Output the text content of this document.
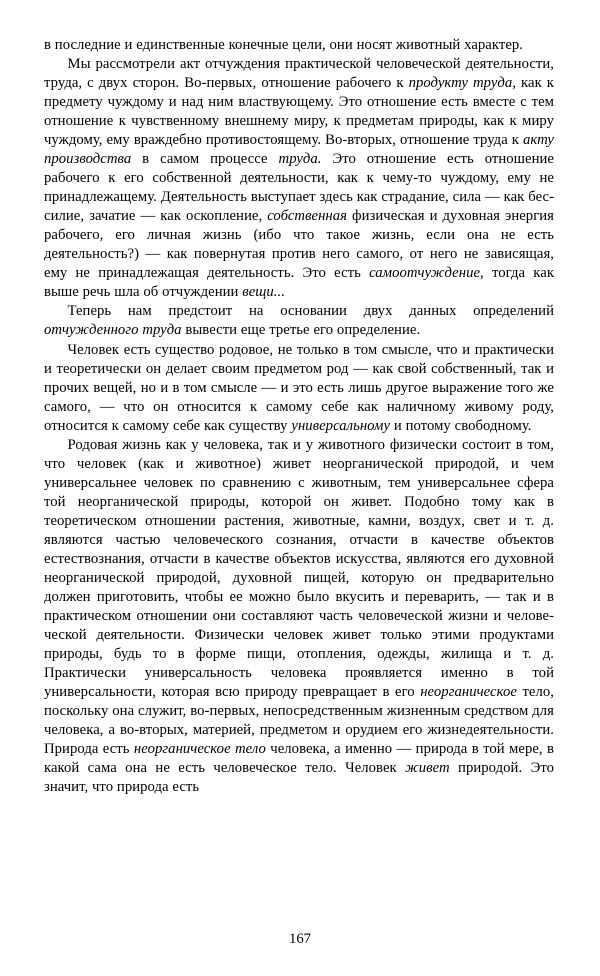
в последние и единственные конечные цели, они носят животный характер.

Мы рассмотрели акт отчуждения практической человеческой деятельности, труда, с двух сторон. Во-первых, отношение рабочего к продукту труда, как к предмету чуждому и над ним властвующему. Это отношение есть вместе с тем отношение к чувственному внешнему миру, к предметам природы, как к миру чуждому, ему враждебно противостоящему. Во-вторых, отношение труда к акту производства в самом процессе труда. Это отношение есть отношение рабочего к его собственной деятельности, как к чему-то чуждому, ему не принадлежащему. Деятельность выступает здесь как страдание, сила — как бессилие, зачатие — как оскопление, собственная физическая и духовная энергия рабочего, его личная жизнь (ибо что такое жизнь, если она не есть деятельность?) — как повернутая против него самого, от него не зависящая, ему не принадлежащая деятельность. Это есть самоотчуждение, тогда как выше речь шла об отчуждении вещи...

Теперь нам предстоит на основании двух данных определений отчужденного труда вывести еще третье его определение.

Человек есть существо родовое, не только в том смысле, что и практически и теоретически он делает своим предметом род — как свой собственный, так и прочих вещей, но и в том смысле — и это есть лишь другое выражение того же самого, — что он относится к самому себе как наличному живому роду, относится к самому себе как существу универсальному и потому свободному.

Родовая жизнь как у человека, так и у животного физически состоит в том, что человек (как и животное) живет неорганической природой, и чем универсальнее человек по сравнению с животным, тем универсальнее сфера той неорганической природы, которой он живет. Подобно тому как в теоретическом отношении растения, животные, камни, воздух, свет и т. д. являются частью человеческого сознания, отчасти в качестве объектов естествознания, отчасти в качестве объектов искусства, являются его духовной неорганической природой, духовной пищей, которую он предварительно должен приготовить, чтобы ее можно было вкусить и переварить, — так и в практическом отношении они составляют часть человеческой жизни и человеческой деятельности. Физически человек живет только этими продуктами природы, будь то в форме пищи, отопления, одежды, жилища и т. д. Практически универсальность человека проявляется именно в той универсальности, которая всю природу превращает в его неорганическое тело, поскольку она служит, во-первых, непосредственным жизненным средством для человека, а во-вторых, материей, предметом и орудием его жизнедеятельности. Природа есть неорганическое тело человека, а именно — природа в той мере, в какой сама она не есть человеческое тело. Человек живет природой. Это значит, что природа есть

167
